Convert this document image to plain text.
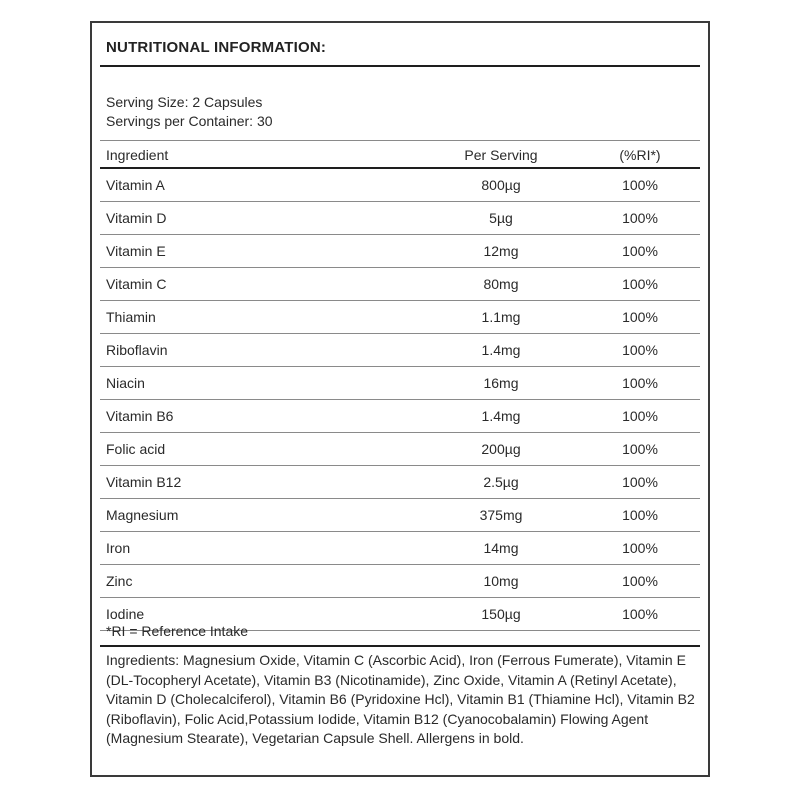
NUTRITIONAL INFORMATION:
Serving Size: 2 Capsules
Servings per Container: 30
Ingredient	Per Serving	(%RI*)
Vitamin A	800µg	100%
Vitamin D	5µg	100%
Vitamin E	12mg	100%
Vitamin C	80mg	100%
Thiamin	1.1mg	100%
Riboflavin	1.4mg	100%
Niacin	16mg	100%
Vitamin B6	1.4mg	100%
Folic acid	200µg	100%
Vitamin B12	2.5µg	100%
Magnesium	375mg	100%
Iron	14mg	100%
Zinc	10mg	100%
Iodine	150µg	100%
*RI = Reference Intake
Ingredients: Magnesium Oxide, Vitamin C (Ascorbic Acid), Iron (Ferrous Fumerate), Vitamin E (DL-Tocopheryl Acetate), Vitamin B3 (Nicotinamide), Zinc Oxide, Vitamin A (Retinyl Acetate), Vitamin D (Cholecalciferol), Vitamin B6 (Pyridoxine Hcl), Vitamin B1 (Thiamine Hcl), Vitamin B2 (Riboflavin), Folic Acid,Potassium Iodide, Vitamin B12 (Cyanocobalamin) Flowing Agent (Magnesium Stearate), Vegetarian Capsule Shell. Allergens in bold.
